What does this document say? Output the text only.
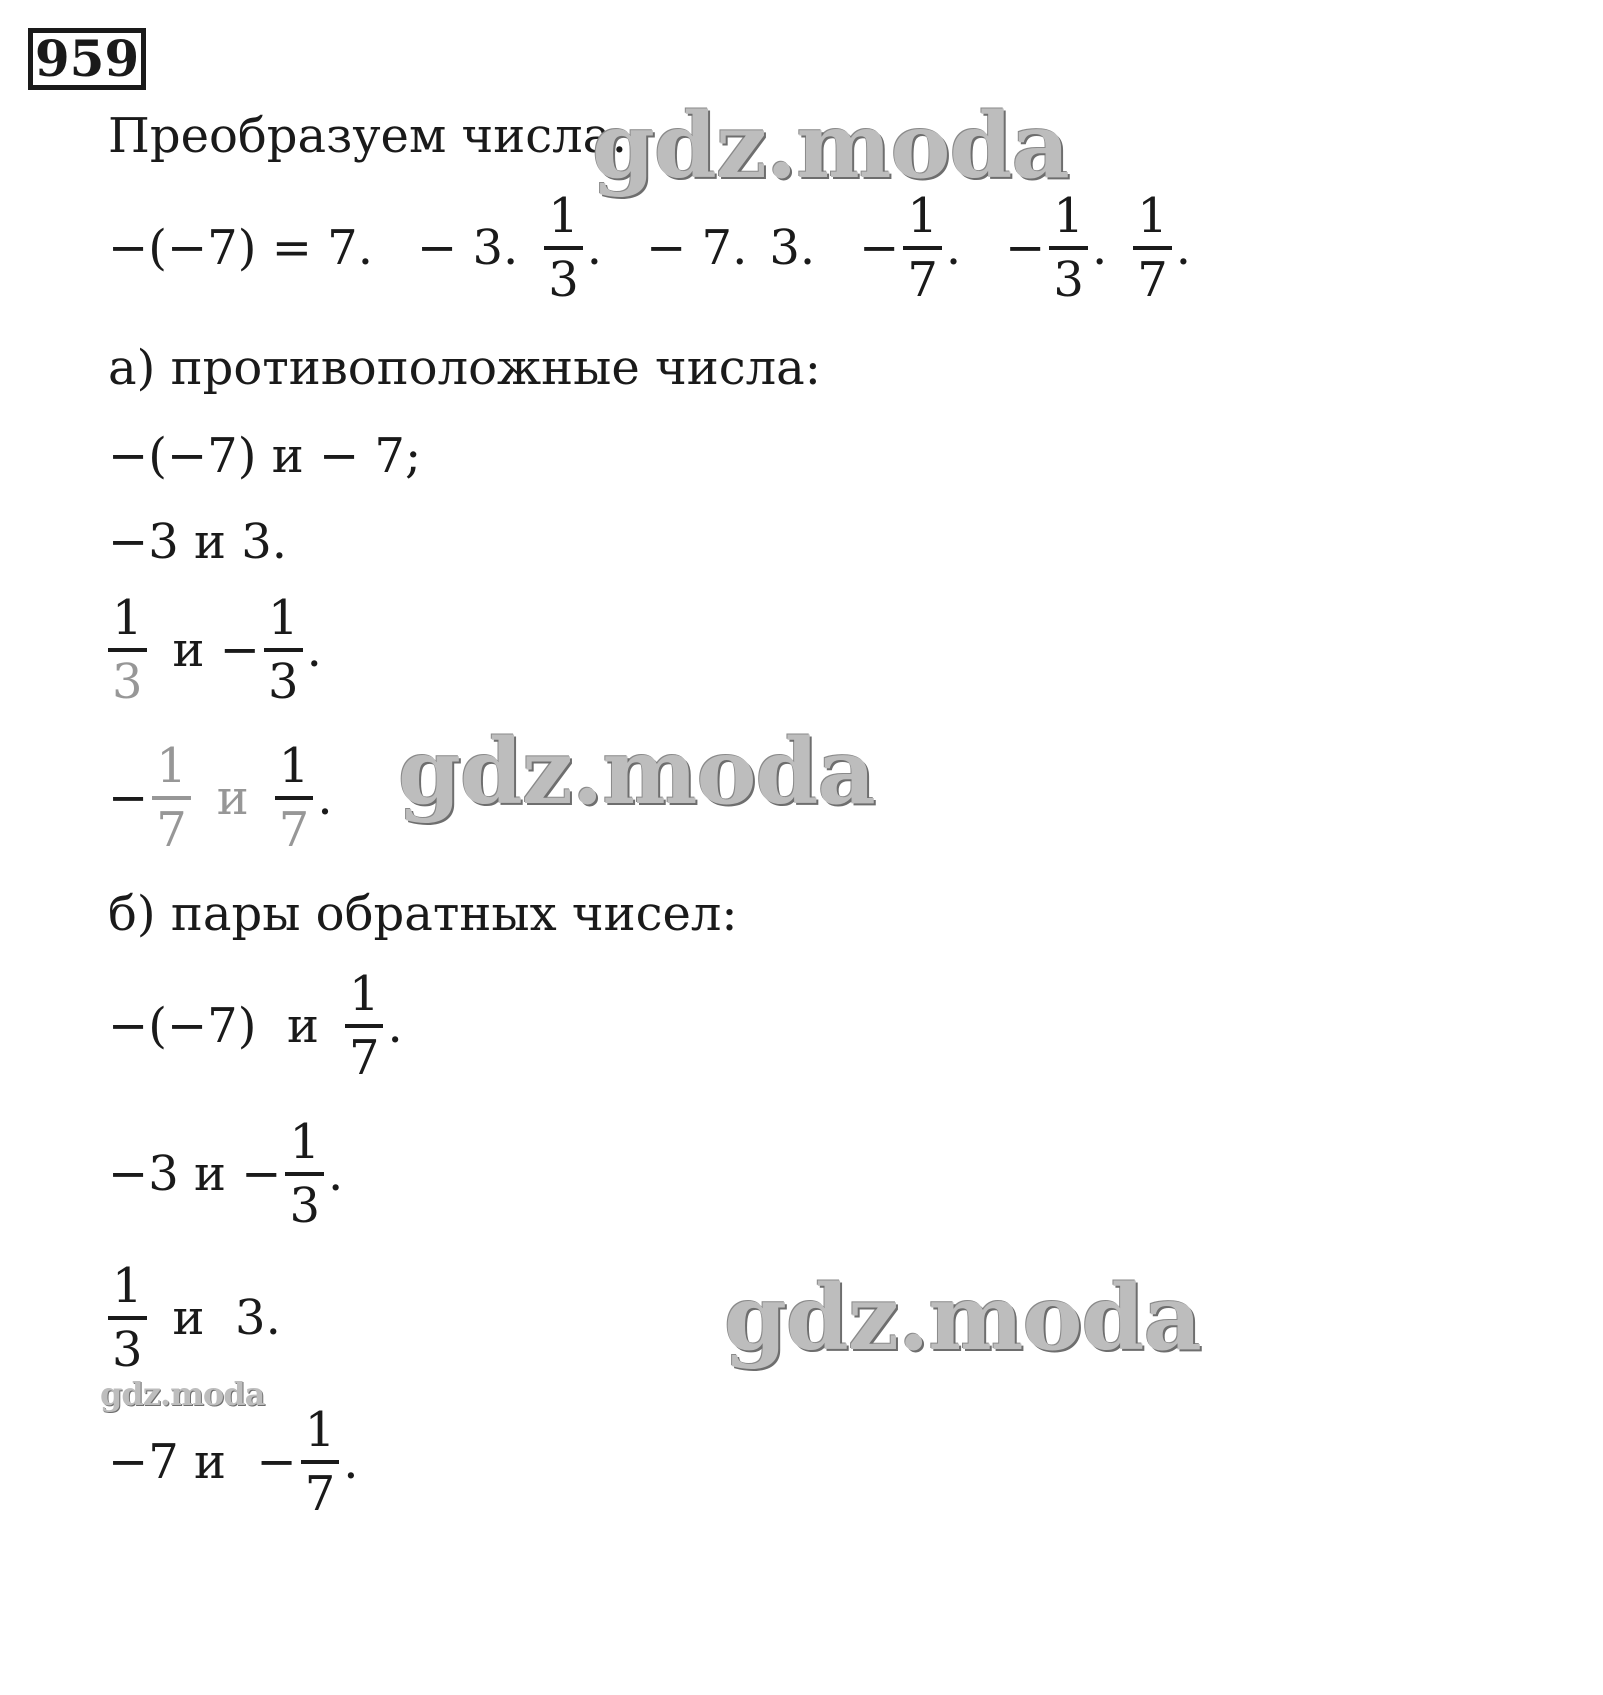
959
Преобразуем числа:
−(−7) = 7. − 3. $\frac{1}{3}$ . − 7. 3. − $\frac{1}{7}$ . − $\frac{1}{3}$ . $\frac{1}{7}$ .
а) противоположные числа:
−(−7) и − 7;
−3 и 3.
$\frac{1}{3}$ $и - \frac{1}{3}$ .
− $\frac{1}{7}$ и $\frac{1}{7}$ .
б) пары обратных чисел:
−(−7)  и $\frac{1}{7}$ .
−3 $и - \frac{1}{3}$ .
$\frac{1}{3}$ и  3.
−7 $и - \frac{1}{7}$ .
gdz.moda
gdz.moda
gdz.moda
gdz.moda
